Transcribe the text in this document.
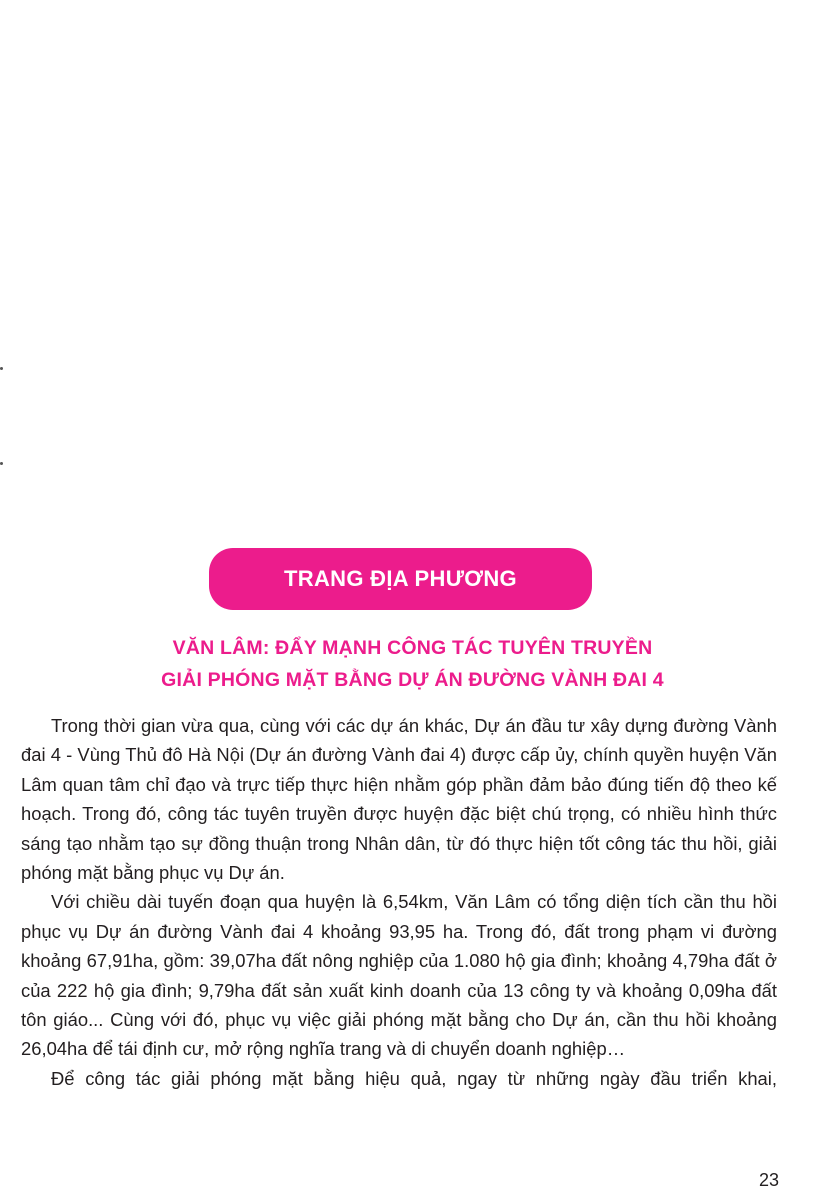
TRANG ĐỊA PHƯƠNG
VĂN LÂM: ĐẨY MẠNH CÔNG TÁC TUYÊN TRUYỀN
GIẢI PHÓNG MẶT BẰNG DỰ ÁN ĐƯỜNG VÀNH ĐAI 4

Trong thời gian vừa qua, cùng với các dự án khác, Dự án đầu tư xây dựng đường Vành đai 4 - Vùng Thủ đô Hà Nội (Dự án đường Vành đai 4) được cấp ủy, chính quyền huyện Văn Lâm quan tâm chỉ đạo và trực tiếp thực hiện nhằm góp phần đảm bảo đúng tiến độ theo kế hoạch. Trong đó, công tác tuyên truyền được huyện đặc biệt chú trọng, có nhiều hình thức sáng tạo nhằm tạo sự đồng thuận trong Nhân dân, từ đó thực hiện tốt công tác thu hồi, giải phóng mặt bằng phục vụ Dự án.

Với chiều dài tuyến đoạn qua huyện là 6,54km, Văn Lâm có tổng diện tích cần thu hồi phục vụ Dự án đường Vành đai 4 khoảng 93,95 ha. Trong đó, đất trong phạm vi đường khoảng 67,91ha, gồm: 39,07ha đất nông nghiệp của 1.080 hộ gia đình; khoảng 4,79ha đất ở của 222 hộ gia đình; 9,79ha đất sản xuất kinh doanh của 13 công ty và khoảng 0,09ha đất tôn giáo... Cùng với đó, phục vụ việc giải phóng mặt bằng cho Dự án, cần thu hồi khoảng 26,04ha để tái định cư, mở rộng nghĩa trang và di chuyển doanh nghiệp…

Để công tác giải phóng mặt bằng hiệu quả, ngay từ những ngày đầu triển khai,

23
